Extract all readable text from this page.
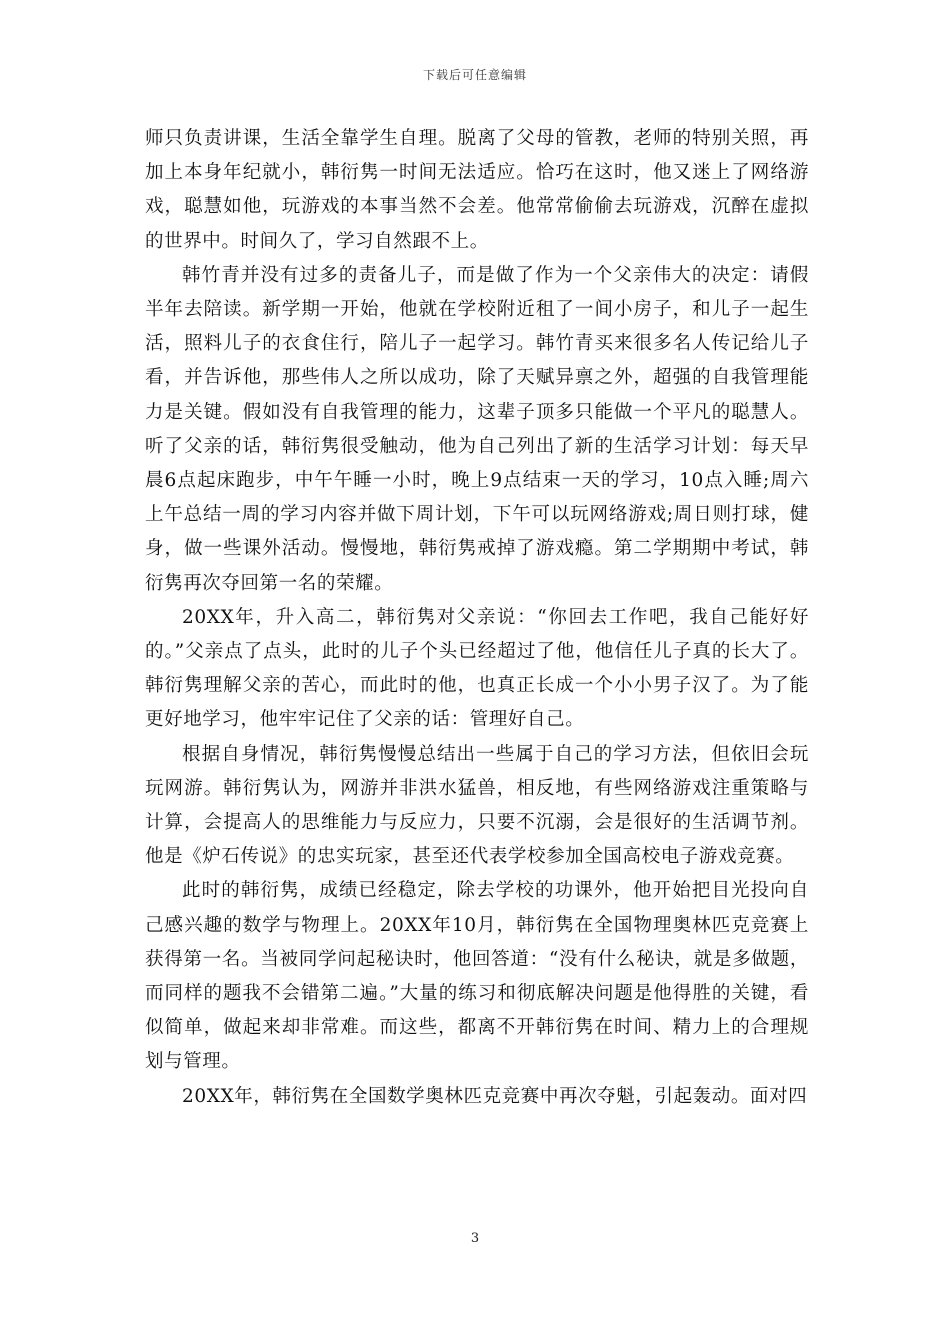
下载后可任意编辑

师只负责讲课，生活全靠学生自理。脱离了父母的管教，老师的特别关照，再加上本身年纪就小，韩衍隽一时间无法适应。恰巧在这时，他又迷上了网络游戏，聪慧如他，玩游戏的本事当然不会差。他常常偷偷去玩游戏，沉醉在虚拟的世界中。时间久了，学习自然跟不上。

韩竹青并没有过多的责备儿子，而是做了作为一个父亲伟大的决定：请假半年去陪读。新学期一开始，他就在学校附近租了一间小房子，和儿子一起生活，照料儿子的衣食住行，陪儿子一起学习。韩竹青买来很多名人传记给儿子看，并告诉他，那些伟人之所以成功，除了天赋异禀之外，超强的自我管理能力是关键。假如没有自我管理的能力，这辈子顶多只能做一个平凡的聪慧人。听了父亲的话，韩衍隽很受触动，他为自己列出了新的生活学习计划：每天早晨6点起床跑步，中午午睡一小时，晚上9点结束一天的学习，10点入睡;周六上午总结一周的学习内容并做下周计划，下午可以玩网络游戏;周日则打球，健身，做一些课外活动。慢慢地，韩衍隽戒掉了游戏瘾。第二学期期中考试，韩衍隽再次夺回第一名的荣耀。

20XX年，升入高二，韩衍隽对父亲说：“你回去工作吧，我自己能好好的。”父亲点了点头，此时的儿子个头已经超过了他，他信任儿子真的长大了。韩衍隽理解父亲的苦心，而此时的他，也真正长成一个小小男子汉了。为了能更好地学习，他牢牢记住了父亲的话：管理好自己。

根据自身情况，韩衍隽慢慢总结出一些属于自己的学习方法，但依旧会玩玩网游。韩衍隽认为，网游并非洪水猛兽，相反地，有些网络游戏注重策略与计算，会提高人的思维能力与反应力，只要不沉溺，会是很好的生活调节剂。他是《炉石传说》的忠实玩家，甚至还代表学校参加全国高校电子游戏竞赛。

此时的韩衍隽，成绩已经稳定，除去学校的功课外，他开始把目光投向自己感兴趣的数学与物理上。20XX年10月，韩衍隽在全国物理奥林匹克竞赛上获得第一名。当被同学问起秘诀时，他回答道：“没有什么秘诀，就是多做题，而同样的题我不会错第二遍。”大量的练习和彻底解决问题是他得胜的关键，看似简单，做起来却非常难。而这些，都离不开韩衍隽在时间、精力上的合理规划与管理。

20XX年，韩衍隽在全国数学奥林匹克竞赛中再次夺魁，引起轰动。面对四

3
